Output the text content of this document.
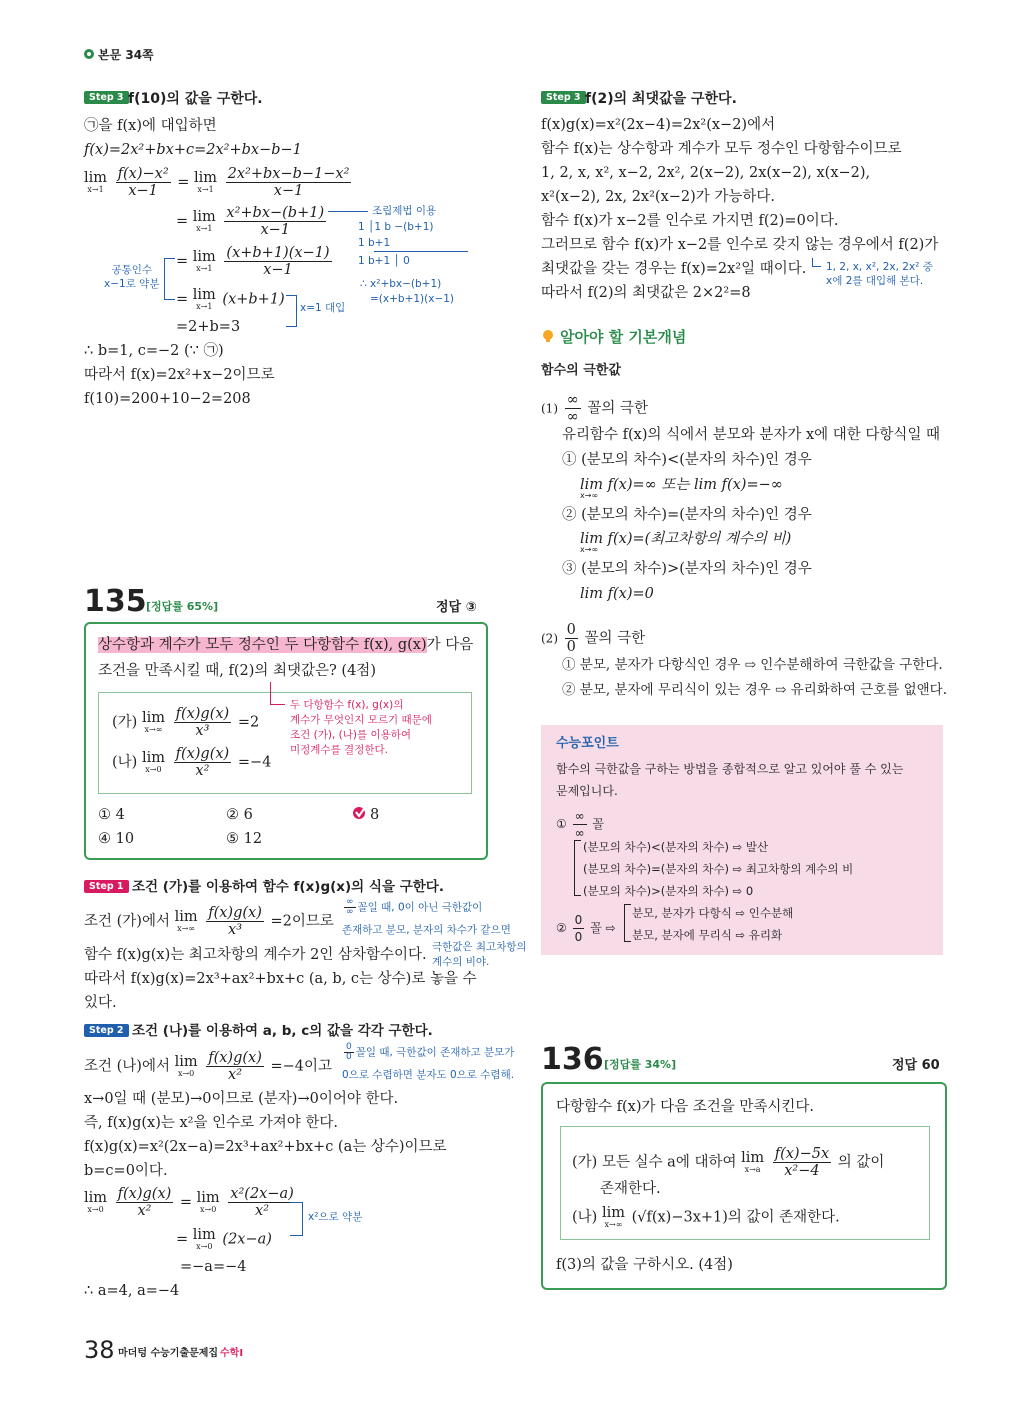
본문 34쪽
Step 3 f(10)의 값을 구한다.
㉠을 f(x)에 대입하면
f(x)=2x²+bx+c=2x²+bx−b−1
lim
x→1
$\frac{\text{f(x)−x²}}{x-1} = \lim$
x→1
$\frac{\text{2x²+bx−b−1−x²}}{x-1}$
= lim
x→1
$\frac{\text{x²+bx−(b+1)}}{x-1}$
= lim
x→1
$\frac{(x+b+1)(x-1)}{x-1}$
= lim
x→1 (x+b+1)
=2+b=3
∴ b=1, c=−2 (∵ ㉠)
따라서 f(x)=2x²+x−2이므로
f(10)=200+10−2=208
공통인수
x−1로 약분
조립제법 이용
1 │1 b −(b+1)
1 b+1
1 b+1 │ 0
∴ x²+bx−(b+1)
=(x+b+1)(x−1)
x=1 대입
Step 3 f(2)의 최댓값을 구한다.
f(x)g(x)=x²(2x−4)=2x²(x−2)에서
함수 f(x)는 상수항과 계수가 모두 정수인 다항함수이므로
1, 2, x, x², x−2, 2x², 2(x−2), 2x(x−2), x(x−2),
x²(x−2), 2x, 2x²(x−2)가 가능하다.
함수 f(x)가 x−2를 인수로 가지면 f(2)=0이다.
그러므로 함수 f(x)가 x−2를 인수로 갖지 않는 경우에서 f(2)가
최댓값을 갖는 경우는 f(x)=2x²일 때이다.
따라서 f(2)의 최댓값은 2×2²=8
1, 2, x, x², 2x, 2x² 중
x에 2를 대입해 본다.
알아야 할 기본개념
함수의 극한값
$(1) \frac{\infty}{\infty}$ 꼴의 극한
유리함수 f(x)의 식에서 분모와 분자가 x에 대한 다항식일 때
① (분모의 차수)<(분자의 차수)인 경우
lim f(x)=∞ 또는 lim f(x)=−∞
x→∞
② (분모의 차수)=(분자의 차수)인 경우
lim f(x)=(최고차항의 계수의 비)
x→∞
③ (분모의 차수)>(분자의 차수)인 경우
lim f(x)=0
$(2) \frac{0}{0}$ 꼴의 극한
① 분모, 분자가 다항식인 경우 ⇨ 인수분해하여 극한값을 구한다.
② 분모, 분자에 무리식이 있는 경우 ⇨ 유리화하여 근호를 없앤다.
수능포인트
함수의 극한값을 구하는 방법을 종합적으로 알고 있어야 풀 수 있는
문제입니다.
① $\frac{\infty}{\infty}$ 꼴
(분모의 차수)<(분자의 차수) ⇨ 발산
(분모의 차수)=(분자의 차수) ⇨ 최고차항의 계수의 비
(분모의 차수)>(분자의 차수) ⇨ 0
② $\frac{0}{0}$ 꼴 ⇨
분모, 분자가 다항식 ⇨ 인수분해
분모, 분자에 무리식 ⇨ 유리화
135 [정답률 65%]	정답 ③
상수항과 계수가 모두 정수인 두 다항함수 f(x), g(x)가 다음
조건을 만족시킬 때, f(2)의 최댓값은? (4점)
(가) lim
x→∞
$\frac{f(x)g(x)}{\text{x³}} =2$
(나) lim
x→0
$\frac{f(x)g(x)}{\text{x²}} =-4$
두 다항함수 f(x), g(x)의
계수가 무엇인지 모르기 때문에
조건 (가), (나)를 이용하여
미정계수를 결정한다.
① 4	② 6	8
④ 10	⑤ 12
Step 1 조건 (가)를 이용하여 함수 f(x)g(x)의 식을 구한다.
조건 (가)에서 lim
x→∞
$\frac{f(x)g(x)}{\text{x³}} =2$이므로
$\frac{\infty}{\infty}$ 꼴일 때, 0이 아닌 극한값이
존재하고 분모, 분자의 차수가 같으면
극한값은 최고차항의
계수의 비야.
함수 f(x)g(x)는 최고차항의 계수가 2인 삼차함수이다.
따라서 f(x)g(x)=2x³+ax²+bx+c (a, b, c는 상수)로 놓을 수
있다.
Step 2 조건 (나)를 이용하여 a, b, c의 값을 각각 구한다.
조건 (나)에서 lim
x→0
$\frac{f(x)g(x)}{\text{x²}} =-4$이고
$\frac{0}{0}$ 꼴일 때, 극한값이 존재하고 분모가
0으로 수렴하면 분자도 0으로 수렴해.
x→0일 때 (분모)→0이므로 (분자)→0이어야 한다.
즉, f(x)g(x)는 x²을 인수로 가져야 한다.
f(x)g(x)=x²(2x−a)=2x³+ax²+bx+c (a는 상수)이므로
b=c=0이다.
lim
x→0
$\frac{f(x)g(x)}{\text{x²}} = \lim$
x→0
$\frac{\text{x²(2x−a)}}{\text{x²}}$
= lim
x→0 (2x−a)
x²으로 약분
=−a=−4
∴ a=4, a=−4
136 [정답률 34%]	정답 60
다항함수 f(x)가 다음 조건을 만족시킨다.
(가) 모든 실수 a에 대하여 lim
x→a
$\frac{f(x)-5x}{\text{x²−4}}$ 의 값이
존재한다.
(나) lim
x→∞ (√f(x)−3x+1)의 값이 존재한다.
f(3)의 값을 구하시오. (4점)
38 마더텅 수능기출문제집 수학Ⅰ
